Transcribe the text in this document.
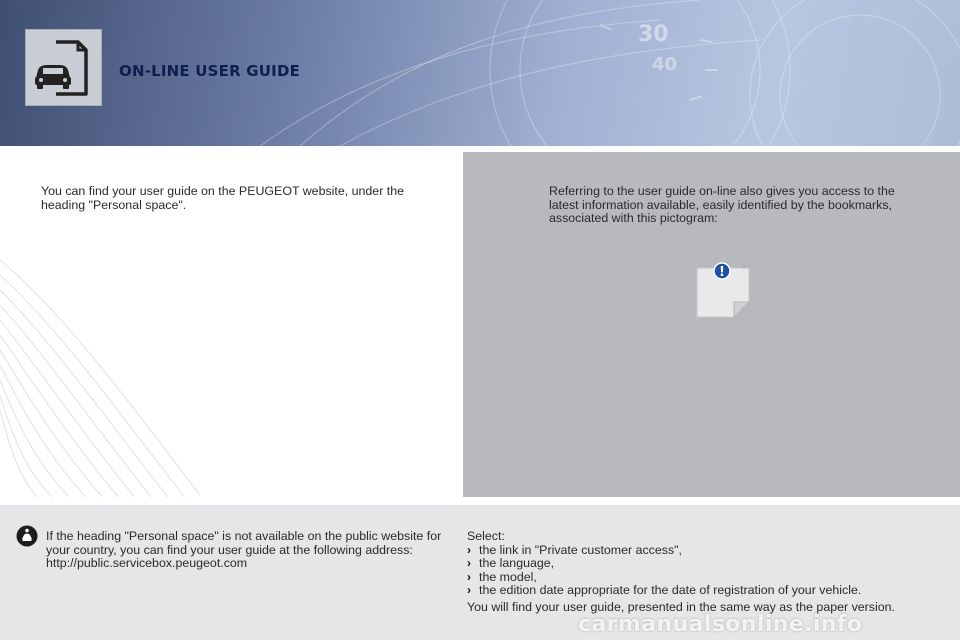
30
40
ON-LINE USER GUIDE
You can find your user guide on the PEUGEOT website, under the heading "Personal space".
Referring to the user guide on-line also gives you access to the latest information available, easily identified by the bookmarks, associated with this pictogram:
!
If the heading "Personal space" is not available on the public website for your country, you can find your user guide at the following address:
http://public.servicebox.peugeot.com
Select:
› the link in "Private customer access",
› the language,
› the model,
› the edition date appropriate for the date of registration of your vehicle.
You will find your user guide, presented in the same way as the paper version.
carmanualsonline.info
